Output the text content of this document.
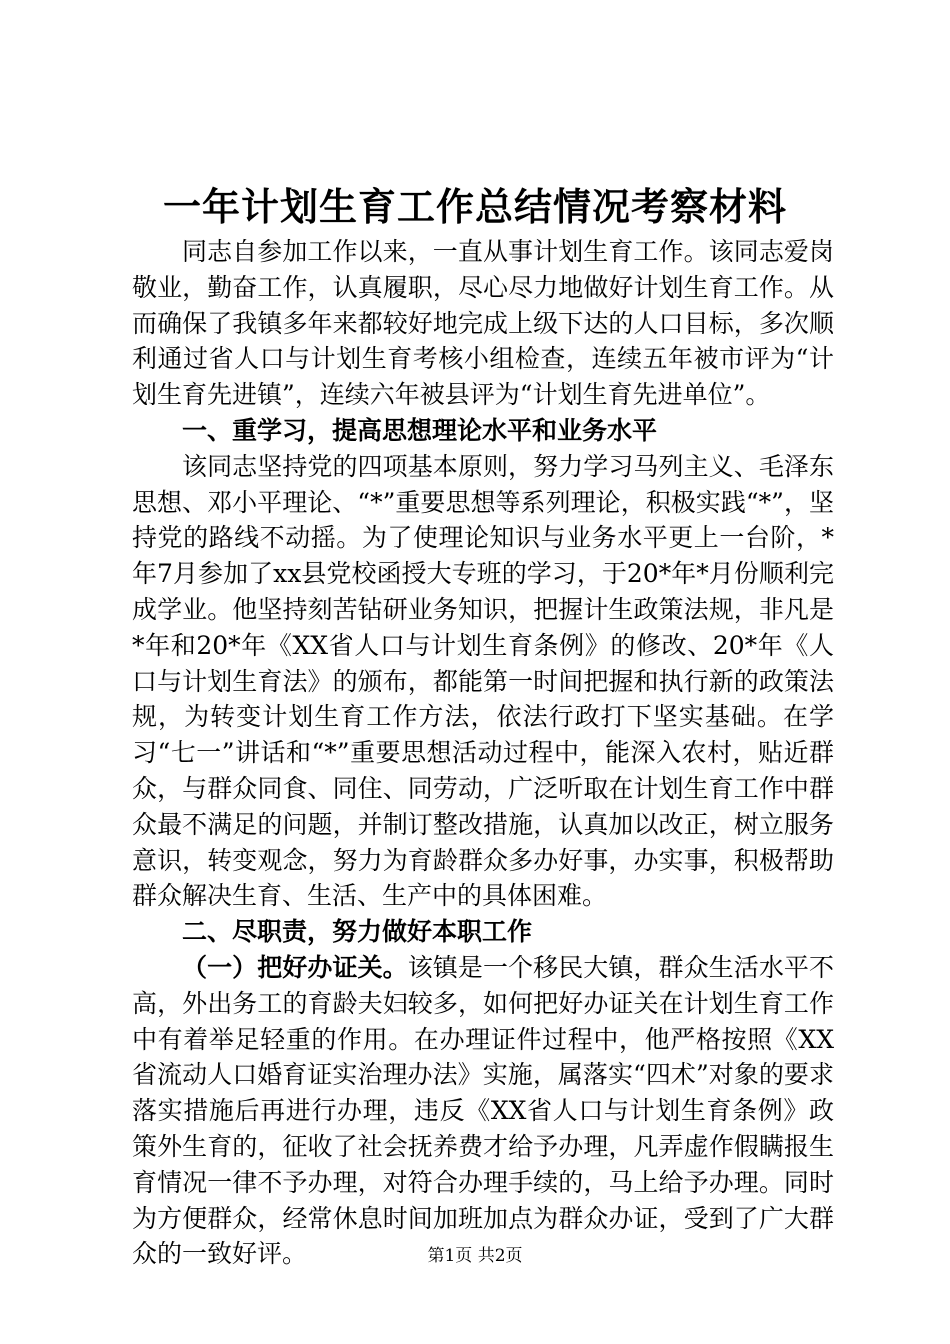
一年计划生育工作总结情况考察材料

同志自参加工作以来，一直从事计划生育工作。该同志爱岗敬业，勤奋工作，认真履职，尽心尽力地做好计划生育工作。从而确保了我镇多年来都较好地完成上级下达的人口目标，多次顺利通过省人口与计划生育考核小组检查，连续五年被市评为“计划生育先进镇”，连续六年被县评为“计划生育先进单位”。

一、重学习，提高思想理论水平和业务水平

该同志坚持党的四项基本原则，努力学习马列主义、毛泽东思想、邓小平理论、“*”重要思想等系列理论，积极实践“*”，坚持党的路线不动摇。为了使理论知识与业务水平更上一台阶，*年7月参加了xx县党校函授大专班的学习，于20*年*月份顺利完成学业。他坚持刻苦钻研业务知识，把握计生政策法规，非凡是*年和20*年《XX省人口与计划生育条例》的修改、20*年《人口与计划生育法》的颁布，都能第一时间把握和执行新的政策法规，为转变计划生育工作方法，依法行政打下坚实基础。在学习“七一”讲话和“*”重要思想活动过程中，能深入农村，贴近群众，与群众同食、同住、同劳动，广泛听取在计划生育工作中群众最不满足的问题，并制订整改措施，认真加以改正，树立服务意识，转变观念，努力为育龄群众多办好事，办实事，积极帮助群众解决生育、生活、生产中的具体困难。

二、尽职责，努力做好本职工作

（一）把好办证关。该镇是一个移民大镇，群众生活水平不高，外出务工的育龄夫妇较多，如何把好办证关在计划生育工作中有着举足轻重的作用。在办理证件过程中，他严格按照《XX省流动人口婚育证实治理办法》实施，属落实“四术”对象的要求落实措施后再进行办理，违反《XX省人口与计划生育条例》政策外生育的，征收了社会抚养费才给予办理，凡弄虚作假瞒报生育情况一律不予办理，对符合办理手续的，马上给予办理。同时为方便群众，经常休息时间加班加点为群众办证，受到了广大群众的一致好评。	第1页 共2页
